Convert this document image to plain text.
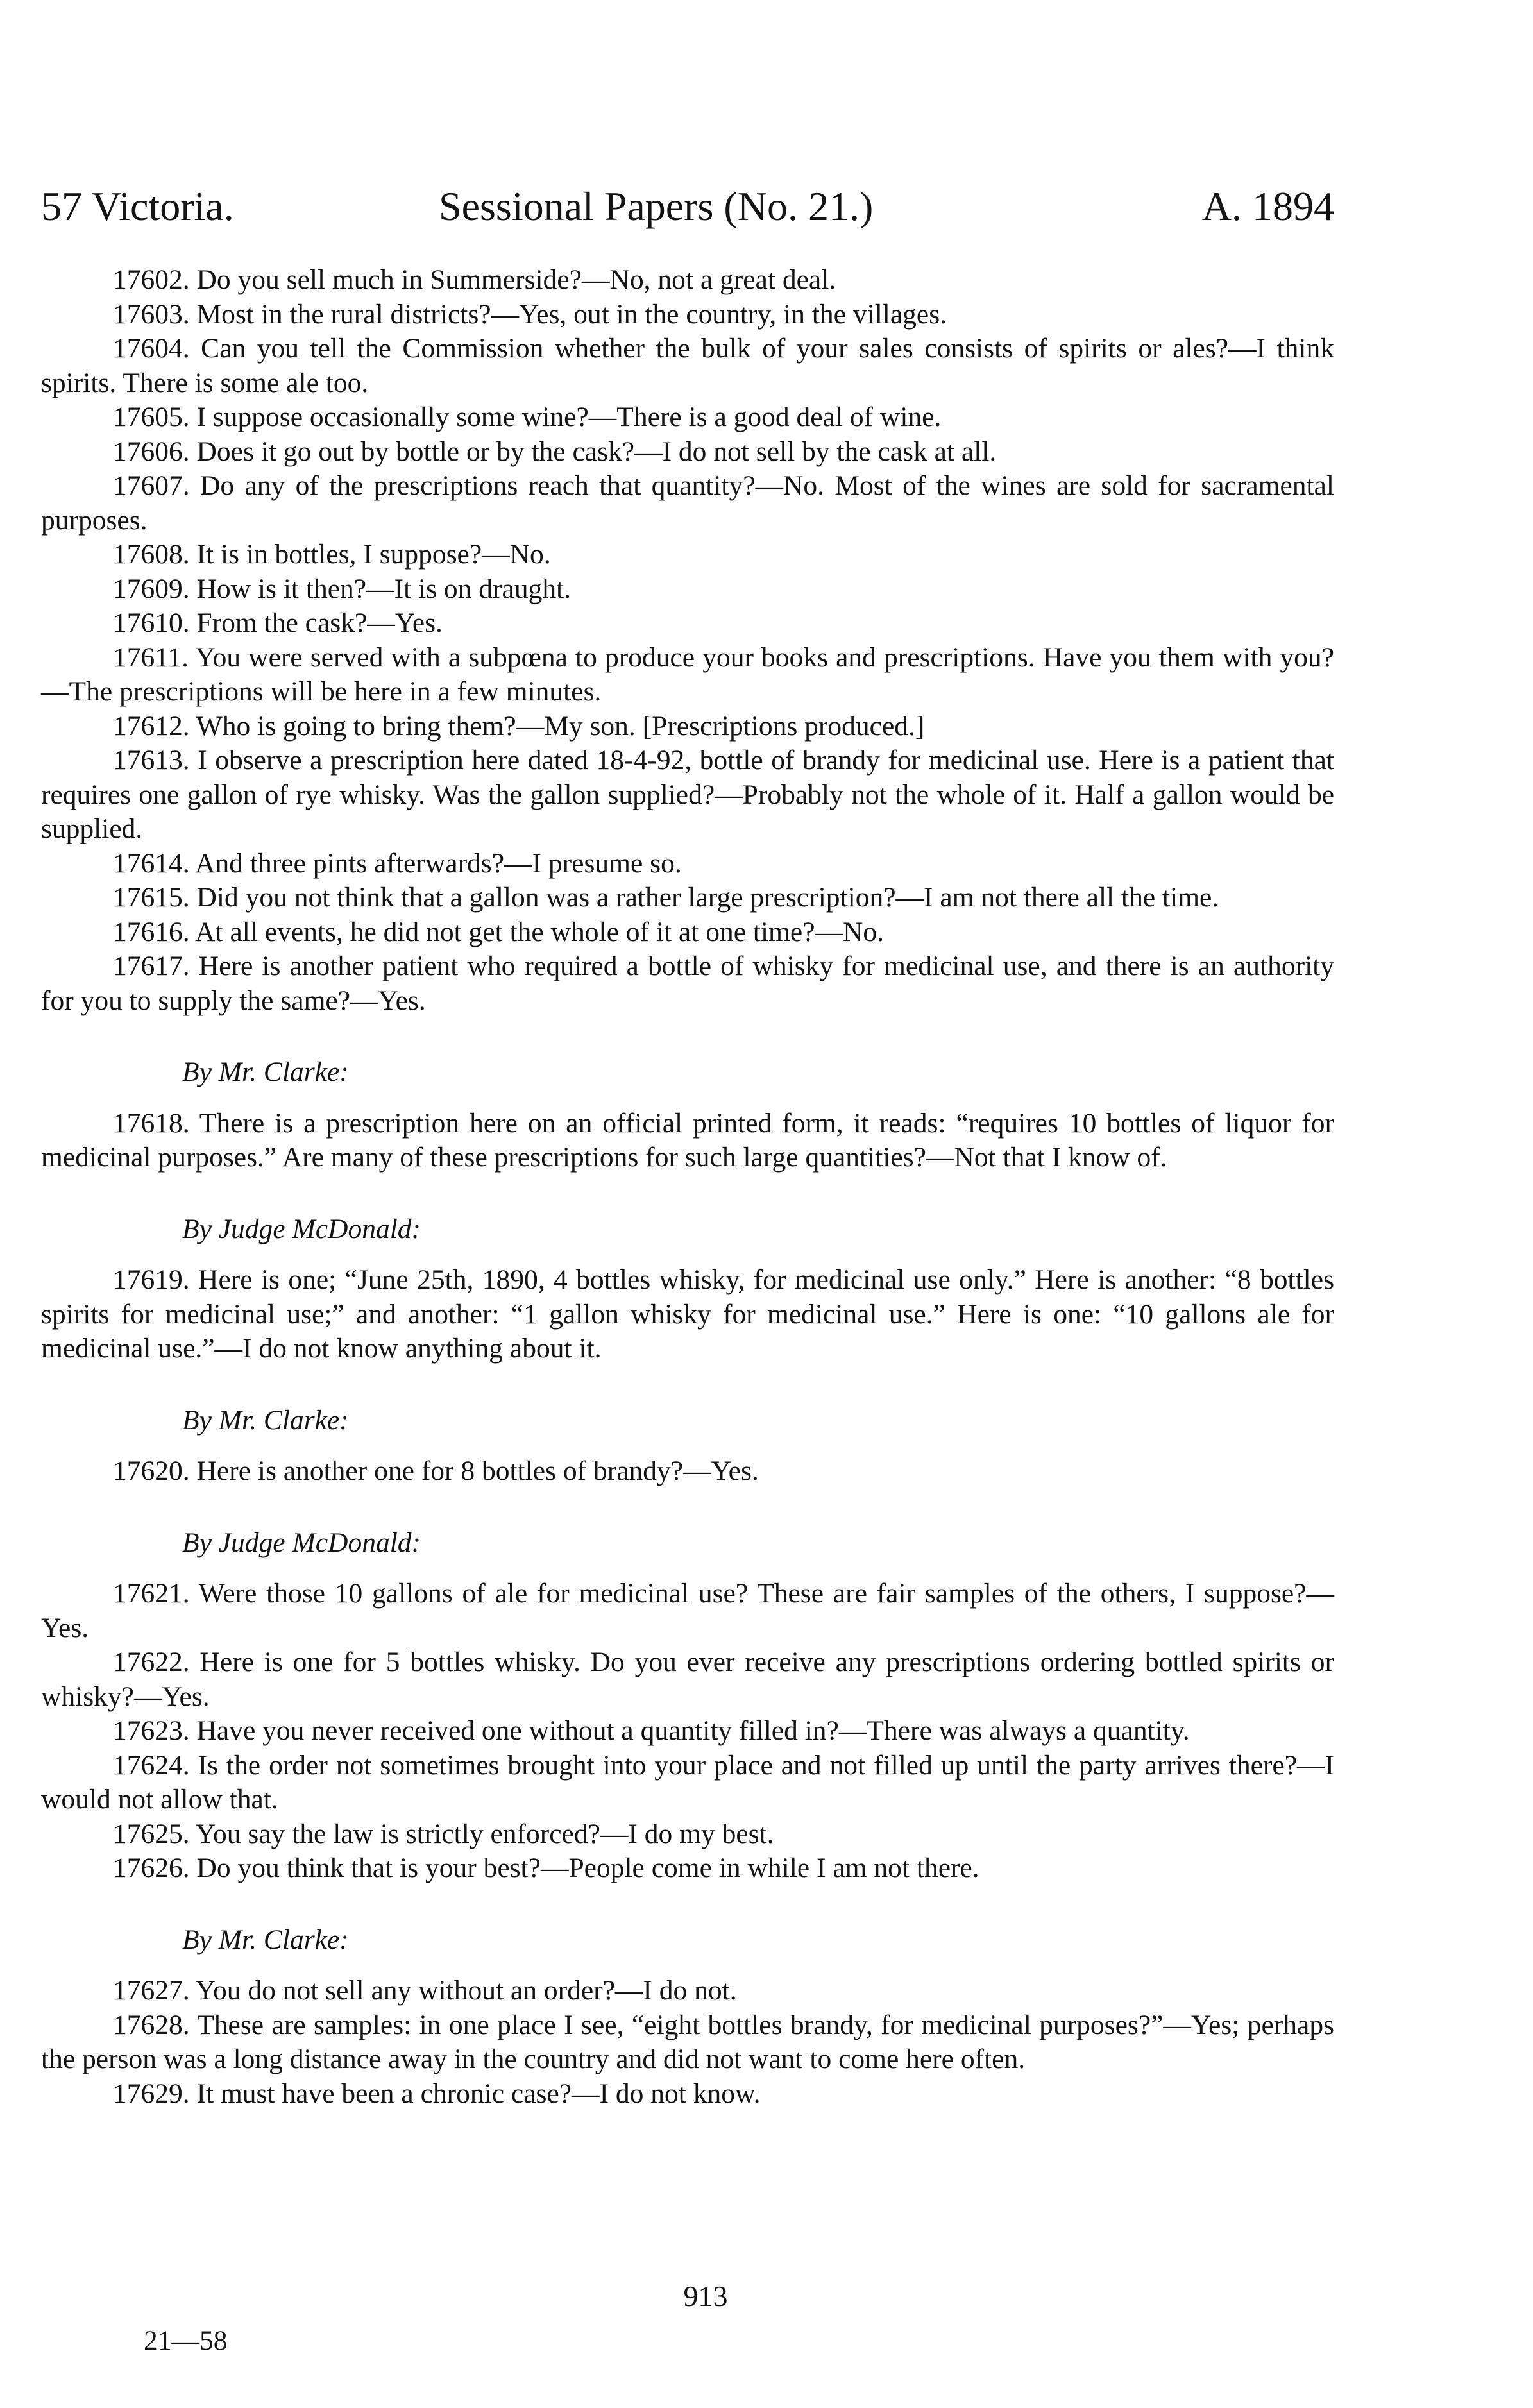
57 Victoria.	Sessional Papers (No. 21.)	A. 1894

17602. Do you sell much in Summerside?—No, not a great deal.

17603. Most in the rural districts?—Yes, out in the country, in the villages.

17604. Can you tell the Commission whether the bulk of your sales consists of spirits or ales?—I think spirits. There is some ale too.

17605. I suppose occasionally some wine?—There is a good deal of wine.

17606. Does it go out by bottle or by the cask?—I do not sell by the cask at all.

17607. Do any of the prescriptions reach that quantity?—No. Most of the wines are sold for sacramental purposes.

17608. It is in bottles, I suppose?—No.

17609. How is it then?—It is on draught.

17610. From the cask?—Yes.

17611. You were served with a subpœna to produce your books and prescriptions. Have you them with you?—The prescriptions will be here in a few minutes.

17612. Who is going to bring them?—My son. [Prescriptions produced.]

17613. I observe a prescription here dated 18-4-92, bottle of brandy for medicinal use. Here is a patient that requires one gallon of rye whisky. Was the gallon supplied?—Probably not the whole of it. Half a gallon would be supplied.

17614. And three pints afterwards?—I presume so.

17615. Did you not think that a gallon was a rather large prescription?—I am not there all the time.

17616. At all events, he did not get the whole of it at one time?—No.

17617. Here is another patient who required a bottle of whisky for medicinal use, and there is an authority for you to supply the same?—Yes.

By Mr. Clarke:

17618. There is a prescription here on an official printed form, it reads: “requires 10 bottles of liquor for medicinal purposes.” Are many of these prescriptions for such large quantities?—Not that I know of.

By Judge McDonald:

17619. Here is one; “June 25th, 1890, 4 bottles whisky, for medicinal use only.” Here is another: “8 bottles spirits for medicinal use;” and another: “1 gallon whisky for medicinal use.” Here is one: “10 gallons ale for medicinal use.”—I do not know anything about it.

By Mr. Clarke:

17620. Here is another one for 8 bottles of brandy?—Yes.

By Judge McDonald:

17621. Were those 10 gallons of ale for medicinal use? These are fair samples of the others, I suppose?—Yes.

17622. Here is one for 5 bottles whisky. Do you ever receive any prescriptions ordering bottled spirits or whisky?—Yes.

17623. Have you never received one without a quantity filled in?—There was always a quantity.

17624. Is the order not sometimes brought into your place and not filled up until the party arrives there?—I would not allow that.

17625. You say the law is strictly enforced?—I do my best.

17626. Do you think that is your best?—People come in while I am not there.

By Mr. Clarke:

17627. You do not sell any without an order?—I do not.

17628. These are samples: in one place I see, “eight bottles brandy, for medicinal purposes?”—Yes; perhaps the person was a long distance away in the country and did not want to come here often.

17629. It must have been a chronic case?—I do not know.

913
21—58
